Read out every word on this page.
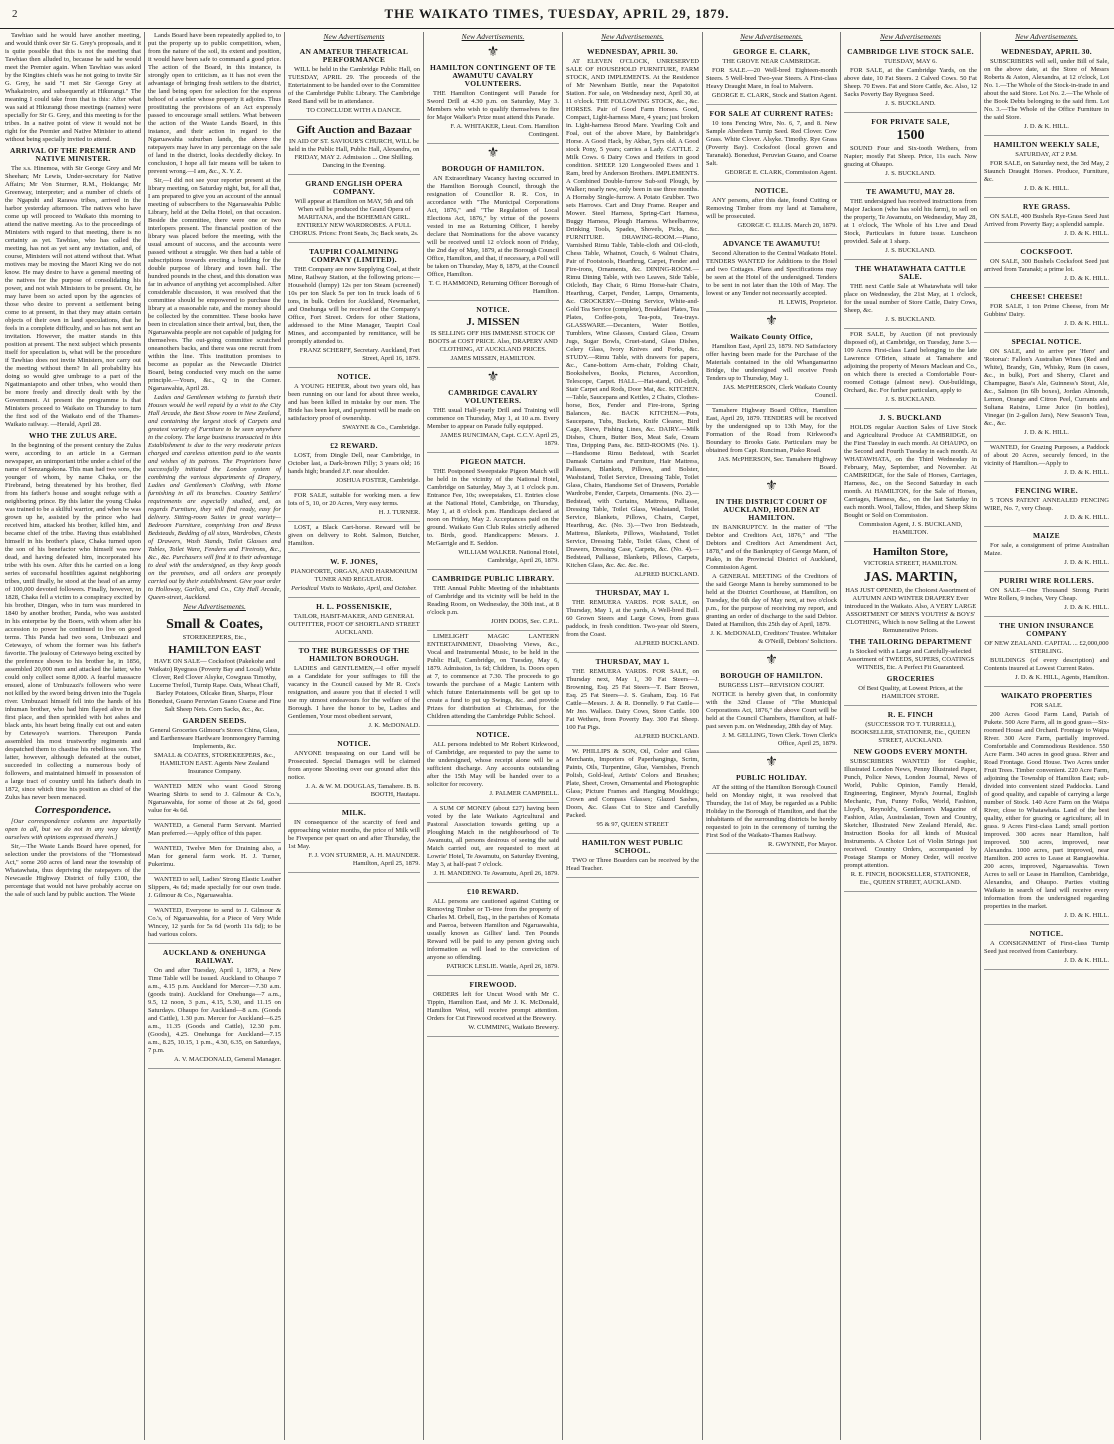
2	THE WAIKATO TIMES, TUESDAY, APRIL 29, 1879.

Tawhiao said he would have another meeting, and would think over Sir G. Grey's proposals, and it is quite possible that this is not the meeting that Tawhiao then alluded to, because he said he would meet the Premier again. When Tawhiao was asked by the Kingites chiefs was he not going to invite Sir G. Grey, he said "I met Sir George Grey at Whakairoiro, and subsequently at Hikurangi." The meaning I could take from that is this: After what was said at Hikurangi those meetings (names) were specially for Sir G. Grey, and this meeting is for the tribes. In a native point of view it would not be right for the Premier and Native Minister to attend without being specially invited to attend.

ARRIVAL OF THE PREMIER AND NATIVE MINISTER.

The s.s. Hinemoa, with Sir George Grey and Mr Sheehan; Mr Lewis, Under-secretary for Native Affairs; Mr Von Sturmer, R.M., Hokianga; Mr Greenway, interpreter; and a number of chiefs of the Ngapuhi and Rarawa tribes, arrived in the harbor yesterday afternoon. The natives who have come up will proceed to Waikato this morning to attend the native meeting. As to the proceedings of Ministers with regard to that meeting, there is no certainty as yet. Tawhiao, who has called the meeting, has not as yet sent any invitation, and, of course, Ministers will not attend without that. What motives may be moving the Maori King we do not know. He may desire to have a general meeting of the natives for the purpose of consolidating his power, and not wish Ministers to be present. Or, he may have been so acted upon by the agencies of those who desire to prevent a settlement being come to at present, in that they may attain certain objects of their own in land speculations, that he feels in a complete difficulty, and so has not sent an invitation. However, the matter stands in this position at present. The next subject which presents itself for speculation is, what will be the procedure if Tawhiao does not invite Ministers, nor carry out the meeting without them? In all probability his doing so would give umbrage to a part of the Ngatimaniapoto and other tribes, who would then be more freely and directly dealt with by the Government. At present the programme is that Ministers proceed to Waikato on Thursday to turn the first sod of the Waikato end of the Thames-Waikato railway. —Herald, April 28.

WHO THE ZULUS ARE.

In the beginning of the present century the Zulus were, according to an article in a German newspaper, an unimportant tribe under a chief of the name of Senzangakona. This man had two sons, the younger of whom, by name Chaka, or the Firebrand, being threatened by his brother, fled from his father's house and sought refuge with a neighboring prince. By this latter the young Chaka was trained to be a skilful warrior, and when he was grown up he, assisted by the prince who had received him, attacked his brother, killed him, and became chief of the tribe. Having thus established himself in his brother's place, Chaka turned upon the son of his benefactor who himself was now dead, and having defeated him, incorporated his tribe with his own. After this he carried on a long series of successful hostilities against neighboring tribes, until finally, he stood at the head of an army of 100,000 devoted followers. Finally, however, in 1828, Chaka fell a victim to a conspiracy excited by his brother, Dingan, who in turn was murdered in 1840 by another brother, Panda, who was assisted in his enterprise by the Boers, with whom after his accession to power he continued to live on good terms. This Panda had two sons, Umbuzazi and Cetewayo, of whom the former was his father's favorite. The jealousy of Cetewayo being excited by the preference shown to his brother he, in 1856, assembled 20,000 men and attacked the latter, who could only collect some 8,000. A fearful massacre ensued, alone of Umbuzazi's followers who were not killed by the sword being driven into the Tugela river. Umbuzazi himself fell into the hands of his inhuman brother, who had him flayed alive in the first place, and then sprinkled with hot ashes and black ants, his heart being finally cut out and eaten by Cetewayo's warriors. Thereupon Panda assembled his most trustworthy regiments and despatched them to chastise his rebellious son. The latter, however, although defeated at the outset, succeeded in collecting a numerous body of followers, and maintained himself in possession of a large tract of country until his father's death in 1872, since which time his position as chief of the Zulus has never been menaced.

Correspondence.

[Our correspondence columns are impartially open to all, but we do not in any way identify ourselves with opinions expressed therein.]

Sir,—The Waste Lands Board have opened, for selection under the provisions of the "Homestead Act," some 260 acres of land near the township of Whatawhata, thus depriving the ratepayers of the Newcastle Highway District of fully £100, the percentage that would not have probably accrue on the sale of such land by public auction. The Waste

Lands Board have been repeatedly applied to, to put the property up to public competition, when, from the nature of the soil, its extent and position, it would have been safe to command a good price. The action of the Board, in this instance, is strongly open to criticism, as it has not even the advantage of bringing fresh settlers to the district, the land being open for selection for the express behoof of a settler whose property it adjoins. Thus prostituting the provisions of an Act expressly passed to encourage small settlers. What between the action of the Waste Lands Board, in this instance, and their action in regard to the Ngaruawahia suburban lands, the above the ratepayers may have in any percentage on the sale of land in the district, looks decidedly dickey. In conclusion, I hope all fair means will be taken to prevent wrong.—I am, &c., X. Y. Z.

Sir,—I did not see your reporter present at the library meeting, on Saturday night, but, for all that, I am prepared to give you an account of the annual meeting of subscribers to the Ngaruawahia Public Library, held at the Delta Hotel, on that occasion. Beside the committee, there were one or two interlopers present. The financial position of the library was placed before the meeting, with the usual amount of success, and the accounts were passed without a struggle. We then had a table of subscriptions towards erecting a building for the double purpose of library and town hall. The hundred pounds in the chest, and this donation was far in advance of anything yet accomplished. After considerable discussion, it was resolved that the committee should be empowered to purchase the library at a reasonable rate, and the money should be collected by the committee. These books have been in circulation since their arrival, but, then, the Ngaruawahia people are not capable of judging for themselves. The out-going committee scratched oneanothers backs, and there was one recruit from within the line. This institution promises to become as popular as the Newcastle District Board, being conducted very much on the same principle.—Yours, &c., Q in the Corner. Ngaruawahia, April 28.

Ladies and Gentlemen wishing to furnish their Houses would be well repaid by a visit to the City Hall Arcade, the Best Show room in New Zealand, and containing the largest stock of Carpets and greatest variety of Furniture to be seen anywhere in the colony. The large business transacted in this Establishment is due to the very moderate prices charged and careless attention paid to the wants and wishes of its patrons. The Proprietors have successfully initiated the London system of combining the various departments of Drapery, Ladies and Gentlemen's Clothing, with Home furnishing in all its branches. Country Settlers' requirements are especially studied, and, as regards Furniture, they will find ready, easy for delivery. Sitting-room Suites in great variety—Bedroom Furniture, comprising Iron and Brass Bedsteads, Bedding of all sizes, Wardrobes, Chests of Drawers, Wash Stands, Toilet Glasses and Tables, Toilet Ware, Fenders and Fireirons, &c., &c., &c. Purchasers will find it to their advantage to deal with the undersigned, as they keep goods on the premises, and all orders are promptly carried out by their establishment. Give your order to Holloway, Garlick, and Co., City Hall Arcade, Queen-street, Auckland.

New Advertisements.
Small & Coates,

STOREKEEPERS, Etc.,

HAMILTON EAST

HAVE ON SALE— Cocksfoot (Pakekohe and Waikato) Ryegrass (Poverty Bay and Local) White Clover, Red Clover Alsyke, Cowgrass Timothy, Lucerne Trefoil, Turnip Rape. Oats, Wheat Chaff, Barley Potatoes, Oilcake Bran, Sharps, Flour Bonedust, Guano Peruvian Guano Coarse and Fine Salt Sheep Nets. Corn Sacks, &c., &c.

GARDEN SEEDS.

General Groceries Gilmour's Stores China, Glass, and Earthenware Hardware Ironmongery Farming Implements, &c.

SMALL & COATES, STOREKEEPERS, &c., HAMILTON EAST. Agents New Zealand Insurance Company.

WANTED MEN who want Good Strong Wearing Shirts to send to J. Gilmour & Co.'s, Ngaruawahia, for some of those at 2s 6d, good value for 4s 6d.

WANTED, a General Farm Servant. Married Man preferred.—Apply office of this paper.

WANTED, Twelve Men for Draining also, a Man for general farm work. H. J. Turner, Pukerimu.

WANTED to sell, Ladies' Strong Elastic Leather Slippers, 4s 6d; made specially for our own trade. J. Gilmour & Co., Ngaruawahia.

WANTED, Everyone to send to J. Gilmour & Co.'s, of Ngaruawahia, for a Piece of Very Wide Wincey, 12 yards for 5s 6d (worth 11s 6d); to be had various colors.

AUCKLAND & ONEHUNGA RAILWAY.

On and after Tuesday, April 1, 1879, a New Time Table will be issued. Auckland to Ohaupo 7 a.m., 4.15 p.m. Auckland for Mercer—7.30 a.m. (goods train). Auckland for Onehunga—7 a.m., 9.5, 12 noon, 3 p.m., 4.15, 5.30, and 11.15 on Saturdays. Ohaupo for Auckland—8 a.m. (Goods and Cattle), 1.30 p.m. Mercer for Auckland—6.25 a.m., 11.35 (Goods and Cattle), 12.30 p.m. (Goods), 4.25. Onehunga for Auckland—7.15 a.m., 8.25, 10.15, 1 p.m., 4.30, 6.35, on Saturdays, 7 p.m.

A. V. MACDONALD, General Manager.

New Advertisements
AN AMATEUR THEATRICAL PERFORMANCE

WILL be held in the Cambridge Public Hall, on TUESDAY, APRIL 29. The proceeds of the Entertainment to be handed over to the Committee of the Cambridge Public Library. The Cambridge Reed Band will be in attendance.

TO CONCLUDE WITH A DANCE.

Gift Auction and Bazaar

IN AID OF ST. SAVIOUR'S CHURCH, WILL be held in the Public Hall, Public Hall, Alexandra, on FRIDAY, MAY 2. Admission ... One Shilling. Dancing in the Evening.

GRAND ENGLISH OPERA COMPANY.

Will appear at Hamilton on MAY, 5th and 6th When will be produced the Grand Opera of MARITANA, and the BOHEMIAN GIRL. ENTIRELY NEW WARDROBES. A FULL CHORUS. Prices: Front Seats, 3s; Back seats, 2s.

TAUPIRI COALMINING COMPANY (LIMITED).

THE Company are now Supplying Coal, at their Mine, Railway Station, at the following prices:— Household (lumpy) 12s per ton Steam (screened) 10s per ton Slack 5s per ton In truck loads of 6 tons, in bulk. Orders for Auckland, Newmarket, and Onehunga will be received at the Company's Office, Fort Street. Orders for other Stations, addressed to the Mine Manager, Taupiri Coal Mines, and accompanied by remittance, will be promptly attended to.

FRANZ SCHERFF, Secretary. Auckland, Fort Street, April 16, 1879.

NOTICE.

A YOUNG HEIFER, about two years old, has been running on our land for about three weeks, and has been killed in mistake by our men. The Bride has been kept, and payment will be made on satisfactory proof of ownership.

SWAYNE & Co., Cambridge.

£2 REWARD.

LOST, from Dingle Dell, near Cambridge, in October last, a Dark-brown Filly; 3 years old; 16 hands high; branded J.F. near shoulder.

JOSHUA FOSTER, Cambridge.

FOR SALE, suitable for working men. a few lots of 5, 10, or 20 Acres, Very easy terms.

H. J. TURNER.

LOST, a Black Cart-horse. Reward will be given on delivery to Robt. Salmon, Butcher, Hamilton.

W. F. JONES,

PIANOFORTE, ORGAN, AND HARMONIUM TUNER AND REGULATOR.

Periodical Visits to Waikato, April, and October.

H. L. POSSENISKIE,

TAILOR, HABIT-MAKER, AND GENERAL OUTFITTER, FOOT OF SHORTLAND STREET AUCKLAND.

TO THE BURGESSES OF THE HAMILTON BOROUGH.

LADIES and GENTLEMEN,—I offer myself as a Candidate for your suffrages to fill the vacancy in the Council caused by Mr R. Cox's resignation, and assure you that if elected I will use my utmost endeavours for the welfare of the Borough. I have the honor to be, Ladies and Gentlemen, Your most obedient servant,

J. K. McDONALD.

NOTICE.

ANYONE trespassing on our Land will be Prosecuted. Special Damages will be claimed from anyone Shooting over our ground after this notice.

J. A. & W. M. DOUGLAS, Tamahere. B. B. BOOTH, Hautapu.

MILK.

IN consequence of the scarcity of feed and approaching winter months, the price of Milk will be Fivepence per quart on and after Thursday, the 1st May.

F. J. VON STURMER, A. H. MAUNDER. Hamilton, April 25, 1879.

New Advertisements.
⚜
HAMILTON CONTINGENT OF TE AWAMUTU CAVALRY VOLUNTEERS.

THE Hamilton Contingent will Parade for Sword Drill at 4.30 p.m. on Saturday, May 3. Members who wish to qualify themselves to fire for Major Walker's Prize must attend this Parade.

F. A. WHITAKER, Lieut. Com. Hamilton Contingent.

⚜
BOROUGH OF HAMILTON.

AN Extraordinary Vacancy having occurred in the Hamilton Borough Council, through the resignation of Councillor R. R. Cox, in accordance with "The Municipal Corporations Act, 1876," and "The Regulation of Local Elections Act, 1876," by virtue of the powers vested in me as Returning Officer, I hereby declare that Nominations for the above vacancy will be received until 12 o'clock noon of Friday, the 2nd day of May, 1879, at the Borough Council Office, Hamilton, and that, if necessary, a Poll will be taken on Thursday, May 8, 1879, at the Council Office, Hamilton.

T. C. HAMMOND, Returning Officer Borough of Hamilton.

NOTICE.
J. MISSEN

IS SELLING OFF HIS IMMENSE STOCK OF BOOTS at COST PRICE. Also, DRAPERY AND CLOTHING, AT AUCKLAND PRICES.

JAMES MISSEN, HAMILTON.

⚜
CAMBRIDGE CAVALRY VOLUNTEERS.

THE usual Half-yearly Drill and Training will commence on Thursday, May 1, at 10 a.m. Every Member to appear on Parade fully equipped.

JAMES RUNCIMAN, Capt. C.C.V. April 25, 1879.

PIGEON MATCH.

THE Postponed Sweepstake Pigeon Match will be held in the vicinity of the National Hotel, Cambridge on Saturday, May 3, at 1 o'clock p.m. Entrance Fee, 10s; sweepstakes, £1. Entries close at the National Hotel, Cambridge, on Thursday, May 1, at 8 o'clock p.m. Handicaps declared at noon on Friday, May 2. Acceptances paid on the ground. Waikato Gun Club Rules strictly adhered to. Birds, good. Handicappers: Messrs. J. McGarrigle and E. Seddon.

WILLIAM WALKER. National Hotel, Cambridge, April 26, 1879.

CAMBRIDGE PUBLIC LIBRARY.

THE Annual Public Meeting of the inhabitants of Cambridge and its vicinity will be held in the Reading Room, on Wednesday, the 30th inst., at 8 o'clock p.m.

JOHN DODS, Sec. C.P.L.

LIMELIGHT MAGIC LANTERN ENTERTAINMENT, Dissolving Views, &c., Vocal and Instrumental Music, to be held in the Public Hall, Cambridge, on Tuesday, May 6, 1879. Admission, 1s 6d; Children, 1s. Doors open at 7, to commence at 7.30. The proceeds to go towards the purchase of a Magic Lantern with which future Entertainments will be got up to create a fund to put up Swings, &c. and provide Prizes for distribution at Christmas, for the Children attending the Cambridge Public School.

NOTICE.

ALL persons indebted to Mr Robert Kirkwood, of Cambridge, are requested to pay the same to the undersigned, whose receipt alone will be a sufficient discharge. Any accounts outstanding after the 15th May will be handed over to a solicitor for recovery.

J. PALMER CAMPBELL.

A SUM OF MONEY (about £27) having been voted by the late Waikato Agricultural and Pastoral Association towards getting up a Ploughing Match in the neighbourhood of Te Awamutu, all persons desirous of seeing the said Match carried out, are requested to meet at Lowrie' Hotel, Te Awamutu, on Saturday Evening, May 3, at half-past 7 o'clock.

J. H. MANDENO. Te Awamutu, April 26, 1879.

£10 REWARD.

ALL persons are cautioned against Cutting or Removing Timber or Ti-tree from the property of Charles M. Orbell, Esq., in the parishes of Komata and Paeroa, between Hamilton and Ngaruawahia, usually known as Gillies' land. Ten Pounds Reward will be paid to any person giving such information as will lead to the conviction of anyone so offending.

PATRICK LESLIE. Wattle, April 26, 1879.

FIREWOOD.

ORDERS left for Uncut Wood with Mr C. Tippin, Hamilton East, and Mr J. K. McDonald, Hamilton West, will receive prompt attention. Orders for Cut Firewood received at the Brewery.

W. CUMMING, Waikato Brewery.

New Advertisements.
WEDNESDAY, APRIL 30.

AT ELEVEN O'CLOCK, UNRESERVED SALE OF HOUSEHOLD FURNITURE, FARM STOCK, AND IMPLEMENTS. At the Residence of Mr Newnham Buttle, near the Papatoitoi Station. For sale, on Wednesday next, April 30, at 11 o'clock. THE FOLLOWING STOCK, &c., &c. HORSES. Pair of Good Farm Horses. Good, Compact, Light-harness Mare, 4 years; just broken in. Light-harness Brood Mare. Yearling Colt and Foal, out of the above Mare, by Bainbridge's Horse. A Good Hack, by Akbar, 5yrs old. A Good stock Pony, 5 years; carries a Lady. CATTLE. 2 Milk Cows. 6 Dairy Cows and Heifers in good condition. SHEEP. 120 Longwooled Ewes and 1 Ram, bred by Anderson Brothers. IMPLEMENTS. A Combined Double-furrow Sub-soil Plough, by Walker; nearly new, only been in use three months. A Hornsby Single-furrow. A Potato Grubber. Two sets Harrows. Cart and Dray Frame. Reaper and Mower. Steel Harness, Spring-Cart Harness, Buggy Harness, Plough Harness. Wheelbarrow, Drinking Tools, Spades, Shovels, Picks, &c. FURNITURE. DRAWING-ROOM.—Piano, Varnished Rimu Table, Table-cloth and Oil-cloth, Chess Table, Whatnot, Couch, 6 Walnut Chairs, Pair of Footstools, Hearthrug, Carpet, Fender and Fire-irons, Ornaments, &c. DINING-ROOM.—Rimu Dining Table, with two Leaves, Side Table, Oilcloth, Bay Chair, 6 Rimu Horse-hair Chairs, Hearthrug, Carpet, Fender, Lamps, Ornaments, &c. CROCKERY.—Dining Service, White-and-Gold Tea Service (complete), Breakfast Plates, Tea Plates, Coffee-pots, Tea-pots, Tea-trays. GLASSWARE.—Decanters, Water Bottles, Tumblers, Wine Glasses, Custard Glass, Cream Jugs, Sugar Bowls, Cruet-stand, Glass Dishes, Celery Glass, Ivory Knives and Forks, &c. STUDY.—Rimu Table, with drawers for papers, &c., Cane-bottom Arm-chair, Folding Chair, Bookshelves, Books, Pictures, Accordion, Telescope, Carpet. HALL.—Hat-stand, Oil-cloth, Stair Carpet and Rods, Door Mat, &c. KITCHEN.—Table, Saucepans and Kettles, 2 Chairs, Clothes-horse, Box, Fender and Fire-irons, Spring Balances, &c. BACK KITCHEN.—Pots, Saucepans, Tubs, Buckets, Knife Cleaner, Bird Cage, Sieve, Fishing Lines, &c. DAIRY.—Milk Dishes, Churn, Butter Box, Meat Safe, Cream Tins, Dripping Pans, &c. BED-ROOMS (No. 1).—Handsome Rimu Bedstead, with Scarlet Damask Curtains and Furniture, Hair Mattress, Pallasses, Blankets, Pillows, and Bolster, Washstand, Toilet Service, Dressing Table, Toilet Glass, Chairs, Handsome Set of Drawers, Portable Wardrobe, Fender, Carpets, Ornaments. (No. 2).—Bedstead, with Curtains, Mattress, Palliasse, Dressing Table, Toilet Glass, Washstand, Toilet Service, Blankets, Pillows, Chairs, Carpet, Hearthrug, &c. (No. 3).—Two Iron Bedsteads, Mattress, Blankets, Pillows, Washstand, Toilet Service, Dressing Table, Toilet Glass, Chest of Drawers, Dressing Case, Carpets, &c. (No. 4).—Bedstead, Palliasse, Blankets, Pillows, Carpets, Kitchen Glass, &c. &c. &c. &c.

ALFRED BUCKLAND.

THURSDAY, MAY 1.

THE REMUERA YARDS. FOR SALE, on Thursday, May 1, at the yards, A Well-bred Bull. 60 Grown Steers and Large Cows, from grass paddock, in fresh condition. Two-year old Steers, from the Coast.

ALFRED BUCKLAND.

THURSDAY, MAY 1.

THE REMUERA YARDS. FOR SALE, on Thursday next, May 1, 30 Fat Steers—J. Browning, Esq. 25 Fat Steers—T. Barr Brown, Esq. 25 Fat Steers—J. S. Graham, Esq. 16 Fat Cattle—Messrs. J. & R. Donnelly. 9 Fat Cattle—Mr Jno. Wallace. Dairy Cows, Store Cattle. 100 Fat Wethers, from Poverty Bay. 300 Fat Sheep. 100 Fat Pigs.

ALFRED BUCKLAND.

W. PHILLIPS & SON, Oil, Color and Glass Merchants, Importers of Paperhangings, Scrim, Paints, Oils, Turpentine, Glue, Varnishes, French Polish, Gold-leaf, Artists' Colors and Brushes; Plate, Sheet, Crown, Ornamental and Photographic Glass; Picture Frames and Hanging Mouldings; Crown and Compass Glasses; Glazed Sashes, Doors, &c. Glass Cut to Size and Carefully Packed.

95 & 97, QUEEN STREET

HAMILTON WEST PUBLIC SCHOOL.

TWO or Three Boarders can be received by the Head Teacher.

New Advertisements.
GEORGE E. CLARK,

THE GROVE NEAR CAMBRIDGE.

FOR SALE.—20 Well-bred Eighteen-month Steers. 5 Well-bred Two-year Steers. A First-class Heavy Draught Mare, in foal to Malvern.

GEORGE E. CLARK, Stock and Station Agent.

FOR SALE AT CURRENT RATES:

10 tons Fencing Wire, No. 6, 7, and 8. New Sample Aberdeen Turnip Seed. Red Clover. Cow Grass. White Clover. Alsyke. Timothy. Rye Grass (Poverty Bay). Cocksfoot (local grown and Taranaki). Bonedust, Peruvian Guano, and Coarse Salt.

GEORGE E. CLARK, Commission Agent.

NOTICE.

ANY persons, after this date, found Cutting or Removing Timber from my land at Tamahere, will be prosecuted.

GEORGE C. ELLIS. March 20, 1879.

ADVANCE TE AWAMUTU!

Second Alteration to the Central Waikato Hotel. TENDERS WANTED for Additions to the Hotel and two Cottages. Plans and Specifications may be seen at the Hotel of the undersigned. Tenders to be sent in not later than the 10th of May. The lowest or any Tender not necessarily accepted.

H. LEWIS, Proprietor.

⚜
Waikato County Office,

Hamilton East, April 23, 1879. NO Satisfactory offer having been made for the Purchase of the Materials contained in the old Whangamarino Bridge, the undersigned will receive Fresh Tenders up to Thursday, May 1.

JAS. McPHERSON, Clerk Waikato County Council.

Tamahere Highway Board Office, Hamilton East, April 29, 1879. TENDERS will be received by the undersigned up to 13th May, for the Formation of the Road from Kirkwood's Boundary to Brooks Gate. Particulars may be obtained from Capt. Runciman, Piako Road.

JAS. McPHERSON, Sec. Tamahere Highway Board.

⚜
IN THE DISTRICT COURT OF AUCKLAND, HOLDEN AT HAMILTON.

IN BANKRUPTCY. In the matter of "The Debtor and Creditors Act, 1876," and "The Debtors and Creditors Act Amendment Act, 1878," and of the Bankruptcy of George Mann, of Piako, in the Provincial District of Auckland, Commission Agent.

A GENERAL MEETING of the Creditors of the said George Mann is hereby summoned to be held at the District Courthouse, at Hamilton, on Tuesday, the 6th day of May next, at two o'clock p.m., for the purpose of receiving my report, and granting an order of discharge to the said Debtor. Dated at Hamilton, this 25th day of April, 1879.

J. K. McDONALD, Creditors' Trustee. Whitaker & O'Neill, Debtors' Solicitors.

⚜
BOROUGH OF HAMILTON.

BURGESS LIST—REVISION COURT.

NOTICE is hereby given that, in conformity with the 32nd Clause of "The Municipal Corporations Act, 1876," the above Court will be held at the Council Chambers, Hamilton, at half-past seven p.m. on Wednesday, 28th day of May.

J. M. GELLING, Town Clerk. Town Clerk's Office, April 25, 1879.

⚜
PUBLIC HOLIDAY.

AT the sitting of the Hamilton Borough Council held on Monday night, it was resolved that Thursday, the 1st of May, be regarded as a Public Holiday in the Borough of Hamilton, and that the inhabitants of the surrounding districts be hereby requested to join in the ceremony of turning the First Sod of the Waikato-Thames Railway.

R. GWYNNE, For Mayor.

New Advertisements
CAMBRIDGE LIVE STOCK SALE.

TUESDAY, MAY 6.

FOR SALE, at the Cambridge Yards, on the above date, 10 Fat Steers. 2 Calved Cows. 50 Fat Sheep. 70 Ewes. Fat and Store Cattle, &c. Also, 12 Sacks Poverty Bay Ryegrass Seed.

J. S. BUCKLAND.

FOR PRIVATE SALE,
1500

SOUND Four and Six-tooth Wethers, from Napier; mostly Fat Sheep. Price, 11s each. Now grazing at Ohaupo.

J. S. BUCKLAND.

TE AWAMUTU, MAY 28.

THE undersigned has received instructions from Major Jackson (who has sold his farm), to sell on the property, Te Awamutu, on Wednesday, May 28, at 1 o'clock, The Whole of his Live and Dead Stock, Particulars in future issue. Luncheon provided. Sale at 1 sharp.

J. S. BUCKLAND.

THE WHATAWHATA CATTLE SALE.

THE next Cattle Sale at Whatawhata will take place on Wednesday, the 21st May, at 1 o'clock, for the usual number of Store Cattle, Dairy Cows, Sheep, &c.

J. S. BUCKLAND.

FOR SALE, by Auction (if not previously disposed of), at Cambridge, on Tuesday, June 3.—109 Acres First-class Land belonging to the late Lawrence O'Brien, situate at Tamahere and adjoining the property of Messrs Maclean and Co., on which there is erected a Comfortable Four-roomed Cottage (almost new). Out-buildings, Orchard, &c. For further particulars, apply to

J. S. BUCKLAND.

J. S. BUCKLAND

HOLDS regular Auction Sales of Live Stock and Agricultural Produce At CAMBRIDGE, on the First Tuesday in each month. At OHAUPO, on the Second and Fourth Tuesday in each month. At WHATAWHATA, on the Third Wednesday in February, May, September, and November. At CAMBRIDGE, for the Sale of Horses, Carriages, Harness, &c., on the Second Saturday in each month. At HAMILTON, for the Sale of Horses, Carriages, Harness, &c., on the last Saturday in each month. Wool, Tallow, Hides, and Sheep Skins Bought or Sold on Commission.

Commission Agent, J. S. BUCKLAND, HAMILTON.

Hamilton Store,

VICTORIA STREET, HAMILTON.

JAS. MARTIN,

HAS JUST OPENED, the Choicest Assortment of AUTUMN AND WINTER DRAPERY Ever introduced in the Waikato. Also, A VERY LARGE ASSORTMENT OF MEN'S YOUTHS' & BOYS' CLOTHING, Which is now Selling at the Lowest Remunerative Prices.

THE TAILORING DEPARTMENT

Is Stocked with a Large and Carefully-selected Assortment of TWEEDS, SUPERS, COATINGS WITNEIS, Etc. A Perfect Fit Guaranteed.

GROCERIES

Of Best Quality, at Lowest Prices, at the HAMILTON STORE.

R. E. FINCH

(SUCCESSOR TO T. TURRELL), BOOKSELLER, STATIONER, Etc., QUEEN STREET, AUCKLAND.

NEW GOODS EVERY MONTH.

SUBSCRIBERS WANTED for Graphic, Illustrated London News, Penny Illustrated Paper, Punch, Police News, London Journal, News of World, Public Opinion, Family Herald, Engineering, Engineer, Myra's Journal, English Mechanic, Fun, Funny Folks, World, Fashion, Lloyd's, Reynold's, Gentlemen's Magazine of Fashion, Atlas, Australasian, Town and Country, Sketcher, Illustrated New Zealand Herald, &c. Instruction Books for all kinds of Musical Instruments. A Choice Lot of Violin Strings just received. Country Orders, accompanied by Postage Stamps or Money Order, will receive prompt attention.

R. E. FINCH, BOOKSELLER, STATIONER, Etc., QUEEN STREET, AUCKLAND.

New Advertisements.
WEDNESDAY, APRIL 30.

SUBSCRIBERS will sell, under Bill of Sale, on the above date, at the Store of Messrs Roberts & Aston, Alexandra, at 12 o'clock, Lot No. 1.—The Whole of the Stock-in-trade in and about the said Store. Lot No. 2.—The Whole of the Book Debts belonging to the said firm. Lot No. 3.—The Whole of the Office Furniture in the said Store.

J. D. & K. HILL.

HAMILTON WEEKLY SALE,

SATURDAY, AT 2 P.M.

FOR SALE, on Saturday next, the 3rd May, 2 Staunch Draught Horses. Produce, Furniture, &c.

J. D. & K. HILL.

RYE GRASS.

ON SALE, 400 Bushels Rye-Grass Seed Just Arrived from Poverty Bay; a splendid sample.

J. D. & K. HILL.

COCKSFOOT.

ON SALE, 300 Bushels Cocksfoot Seed just arrived from Taranaki; a prime lot.

J. D. & K. HILL.

CHEESE! CHEESE!

FOR SALE, 1 ton Prime Cheese, from Mr Gubbins' Dairy.

J. D. & K. HILL.

SPECIAL NOTICE.

ON SALE, and to arrive per 'Hero' and 'Rotorua': Fallon's Australian Wines (Red and White), Brandy, Gin, Whisky, Rum (in cases, &c., in bulk), Port and Sherry, Claret and Champagne, Bass's Ale, Guinness's Stout, Ale, &c., Salmon (in 6lb boxes), Jordan Almonds, Lemon, Orange and Citron Peel, Currants and Sultana Raisins, Lime Juice (in bottles), Vinegar (in 2-gallon Jars), New Season's Teas, &c., &c.

J. D. & K. HILL.

WANTED, for Grazing Purposes, a Paddock of about 20 Acres, securely fenced, in the vicinity of Hamilton.—Apply to

J. D. & K. HILL.

FENCING WIRE.

5 TONS PATENT ANNEALED FENCING WIRE, No. 7, very Cheap.

J. D. & K. HILL.

MAIZE

For sale, a consignment of prime Australian Maize.

J. D. & K. HILL.

PURIRI WIRE ROLLERS.

ON SALE—One Thousand Strong Puriri Wire Rollers, 9 inches, Very Cheap.

J. D. & K. HILL.

THE UNION INSURANCE COMPANY

OF NEW ZEALAND. CAPITAL ... £2,000,000 STERLING.

BUILDINGS (of every description) and Contents insured at Lowest Current Rates.

J. D. & K. HILL, Agents, Hamilton.

WAIKATO PROPERTIES

FOR SALE.

200 Acres Good Farm Land, Parish of Pukete. 500 Acre Farm, all in good grass—Six-roomed House and Orchard. Frontage to Waipa River. 300 Acre Farm, partially improved. Comfortable and Commodious Residence. 550 Acre Farm. 340 acres in good grass. River and Road Frontage. Good House. Two Acres under Fruit Trees. Timber convenient. 220 Acre Farm, adjoining the Township of Hamilton East; sub-divided into convenient sized Paddocks. Land of good quality, and capable of carrying a large number of Stock. 140 Acre Farm on the Waipa River, close to Whatawhata. Land of the best quality, either for grazing or agriculture; all in grass. 9 Acres First-class Land; small portion improved. 300 acres near Hamilton, half improved. 500 acres, improved, near Alexandra. 1000 acres, part improved, near Hamilton. 200 acres to Lease at Rangiaowhia. 200 acres, improved, Ngaruawahia. Town Acres to sell or Lease in Hamilton, Cambridge, Alexandra, and Ohaupo. Parties visiting Waikato in search of land will receive every information from the undersigned regarding properties in the market.

J. D. & K. HILL.

NOTICE.

A CONSIGNMENT of First-class Turnip Seed just received from Canterbury.

J. D. & K. HILL.
